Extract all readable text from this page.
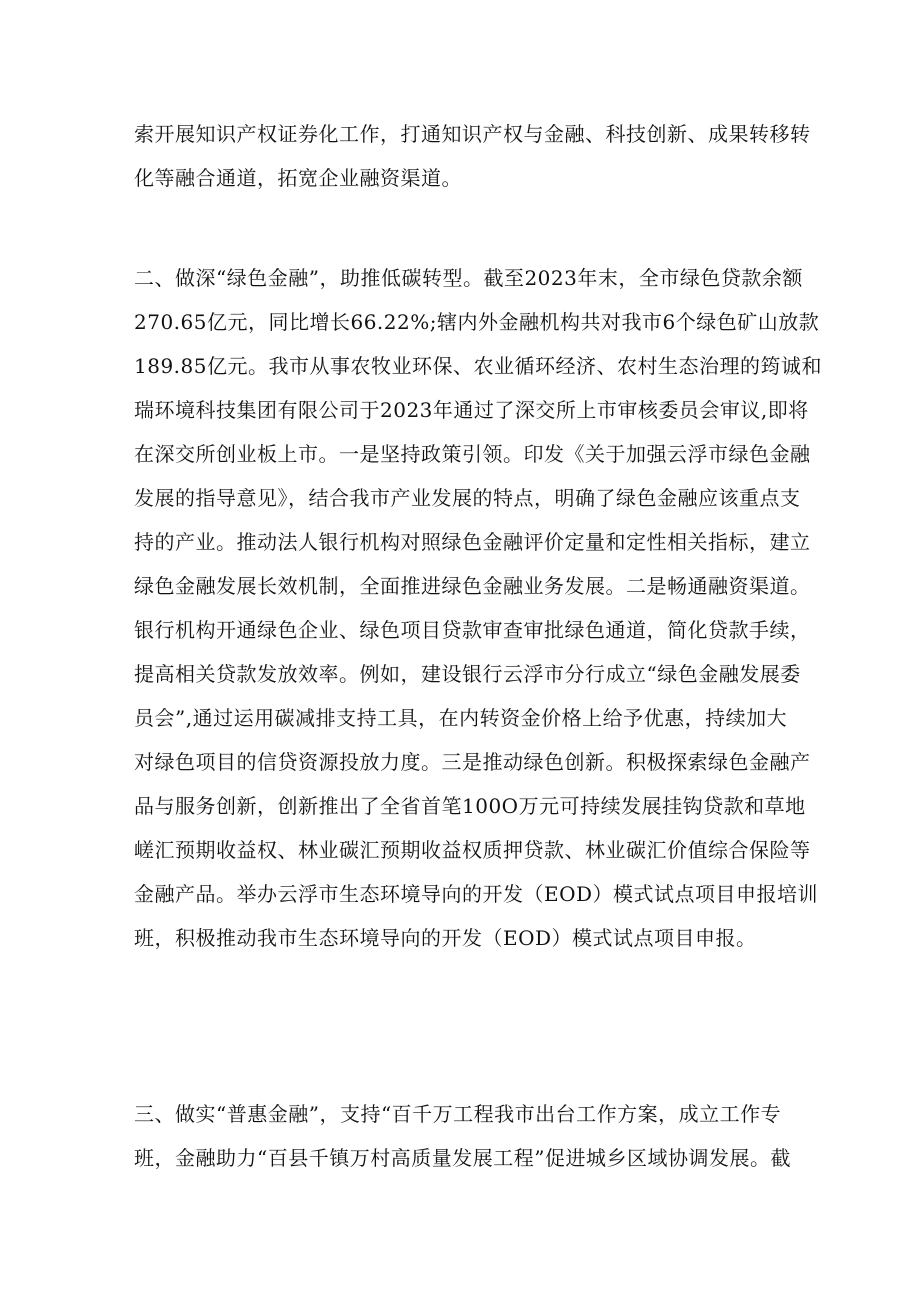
索开展知识产权证券化工作，打通知识产权与金融、科技创新、成果转移转
化等融合通道，拓宽企业融资渠道。
二、做深“绿色金融”，助推低碳转型。截至2023年末，全市绿色贷款余额
270.65亿元，同比增长66.22%;辖内外金融机构共对我市6个绿色矿山放款
189.85亿元。我市从事农牧业环保、农业循环经济、农村生态治理的筠诚和
瑞环境科技集团有限公司于2023年通过了深交所上市审核委员会审议,即将
在深交所创业板上市。一是坚持政策引领。印发《关于加强云浮市绿色金融
发展的指导意见》，结合我市产业发展的特点，明确了绿色金融应该重点支
持的产业。推动法人银行机构对照绿色金融评价定量和定性相关指标，建立
绿色金融发展长效机制，全面推进绿色金融业务发展。二是畅通融资渠道。
银行机构开通绿色企业、绿色项目贷款审查审批绿色通道，简化贷款手续，
提高相关贷款发放效率。例如，建设银行云浮市分行成立“绿色金融发展委
员会”,通过运用碳减排支持工具，在内转资金价格上给予优惠，持续加大
对绿色项目的信贷资源投放力度。三是推动绿色创新。积极探索绿色金融产
品与服务创新，创新推出了全省首笔100O万元可持续发展挂钩贷款和草地
嵯汇预期收益权、林业碳汇预期收益权质押贷款、林业碳汇价值综合保险等
金融产品。举办云浮市生态环境导向的开发（EOD）模式试点项目申报培训
班，积极推动我市生态环境导向的开发（EOD）模式试点项目申报。
三、做实“普惠金融”，支持“百千万工程我市出台工作方案，成立工作专
班，金融助力“百县千镇万村高质量发展工程”促进城乡区域协调发展。截
